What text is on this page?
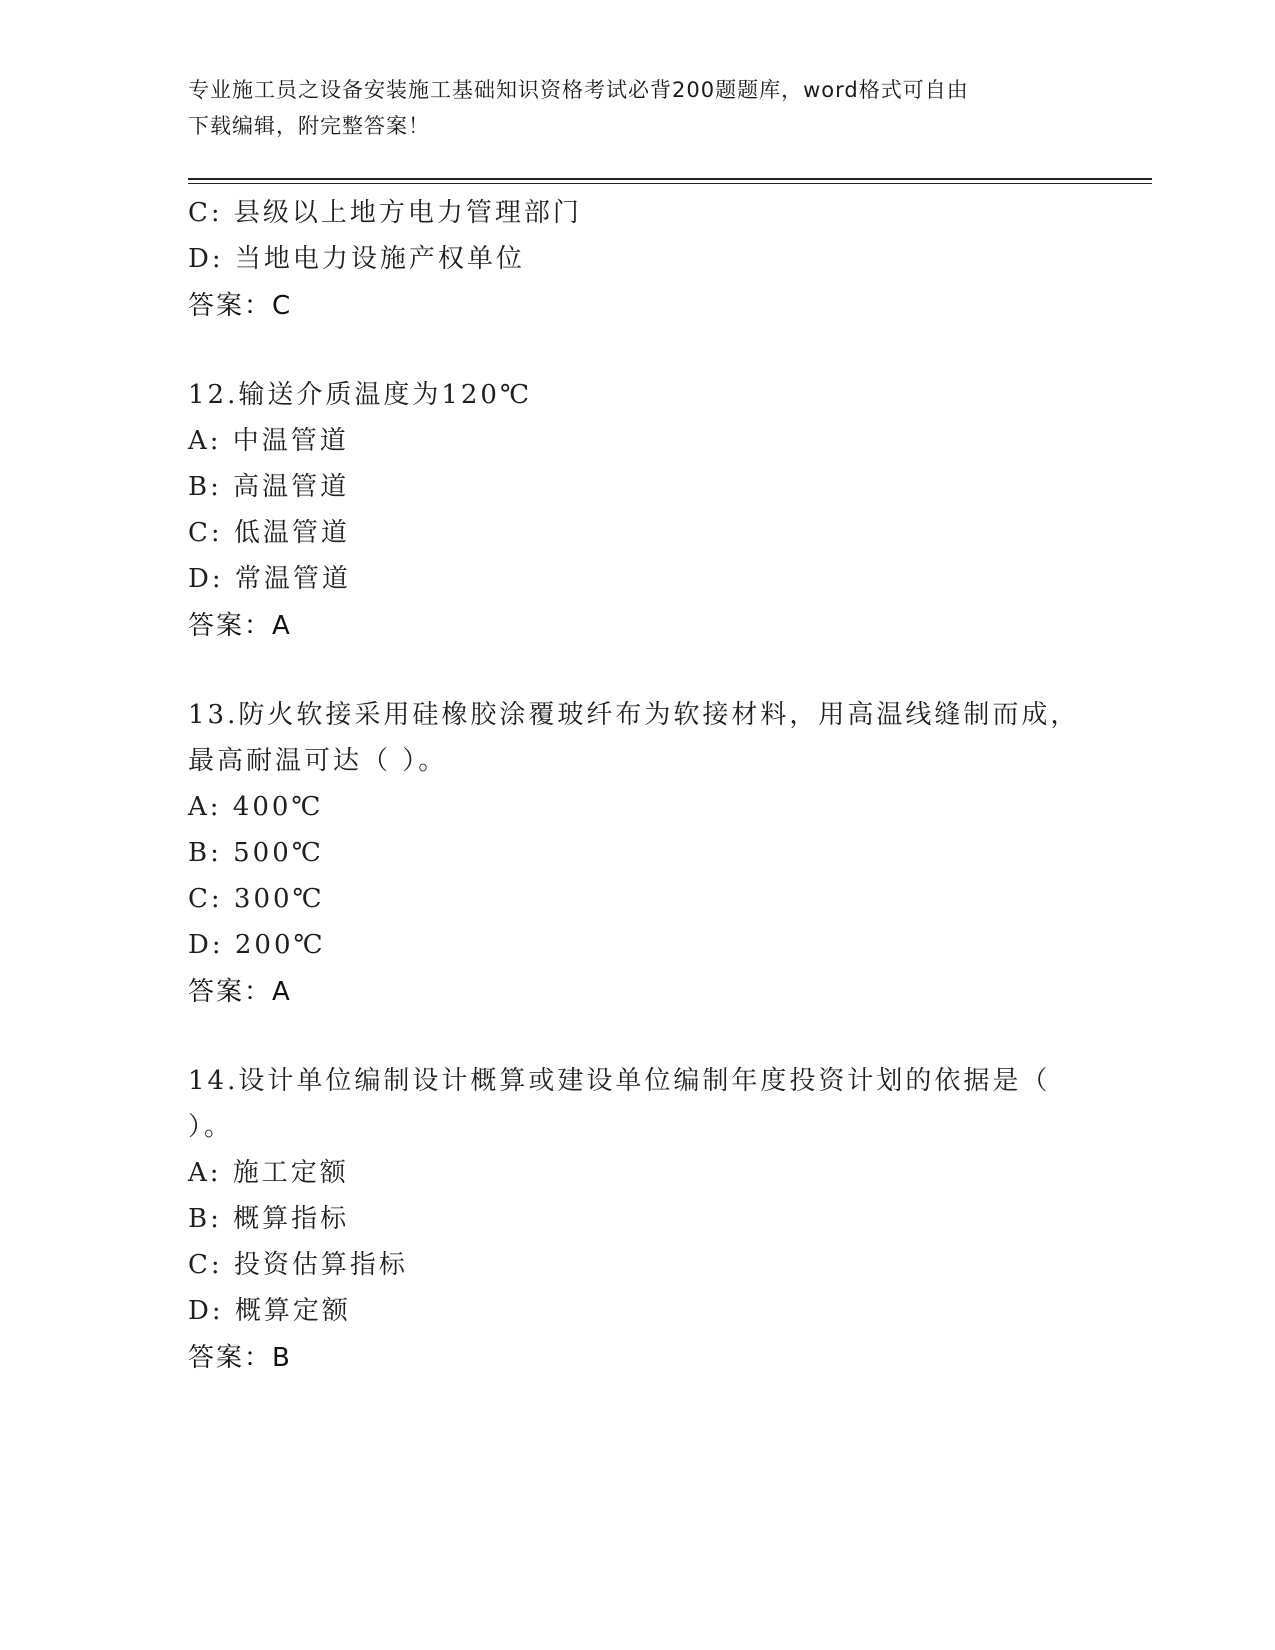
专业施工员之设备安装施工基础知识资格考试必背200题题库，word格式可自由
下载编辑，附完整答案！
C: 县级以上地方电力管理部门
D: 当地电力设施产权单位
答案：C
12.输送介质温度为120℃
A: 中温管道
B: 高温管道
C: 低温管道
D: 常温管道
答案：A
13.防火软接采用硅橡胶涂覆玻纤布为软接材料，用高温线缝制而成，
最高耐温可达（ ）。
A: 400℃
B: 500℃
C: 300℃
D: 200℃
答案：A
14.设计单位编制设计概算或建设单位编制年度投资计划的依据是（
）。
A: 施工定额
B: 概算指标
C: 投资估算指标
D: 概算定额
答案：B
